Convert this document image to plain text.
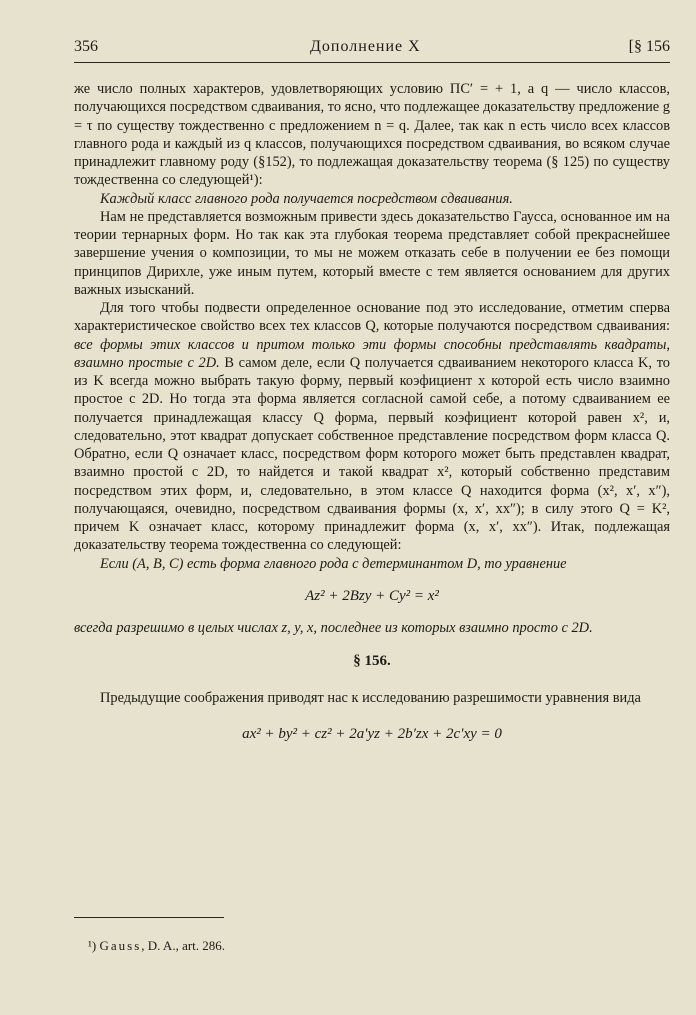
356	Дополнение X	[§ 156

же число полных характеров, удовлетворяющих условию ΠC′ = + 1, а q — число классов, получающихся посредством сдваивания, то ясно, что подлежащее доказательству предложение g = τ по существу тождественно с предложением n = q. Далее, так как n есть число всех классов главного рода и каждый из q классов, получающихся посредством сдваивания, во всяком случае принадлежит главному роду (§152), то подлежащая доказательству теорема (§ 125) по существу тождественна со следующей¹):

Каждый класс главного рода получается посредством сдваивания.

Нам не представляется возможным привести здесь доказательство Гаусса, основанное им на теории тернарных форм. Но так как эта глубокая теорема представляет собой прекраснейшее завершение учения о композиции, то мы не можем отказать себе в получении ее без помощи принципов Дирихле, уже иным путем, который вместе с тем является основанием для других важных изысканий.

Для того чтобы подвести определенное основание под это исследование, отметим сперва характеристическое свойство всех тех классов Q, которые получаются посредством сдваивания: все формы этих классов и притом только эти формы способны представлять квадраты, взаимно простые с 2D. В самом деле, если Q получается сдваиванием некоторого класса K, то из K всегда можно выбрать такую форму, первый коэфициент x которой есть число взаимно простое с 2D. Но тогда эта форма является согласной самой себе, а потому сдваиванием ее получается принадлежащая классу Q форма, первый коэфициент которой равен x², и, следовательно, этот квадрат допускает собственное представление посредством форм класса Q. Обратно, если Q означает класс, посредством форм которого может быть представлен квадрат, взаимно простой с 2D, то найдется и такой квадрат x², который собственно представим посредством этих форм, и, следовательно, в этом классе Q находится форма (x², x′, x″), получающаяся, очевидно, посредством сдваивания формы (x, x′, xx″); в силу этого Q = K², причем K означает класс, которому принадлежит форма (x, x′, xx″). Итак, подлежащая доказательству теорема тождественна со следующей:

Если (A, B, C) есть форма главного рода с детерминантом D, то уравнение

Az² + 2Bzy + Cy² = x²

всегда разрешимо в целых числах z, y, x, последнее из которых взаимно просто с 2D.

§ 156.

Предыдущие соображения приводят нас к исследованию разрешимости уравнения вида

ax² + by² + cz² + 2a′yz + 2b′zx + 2c′xy = 0
¹) Gauss, D. A., art. 286.
